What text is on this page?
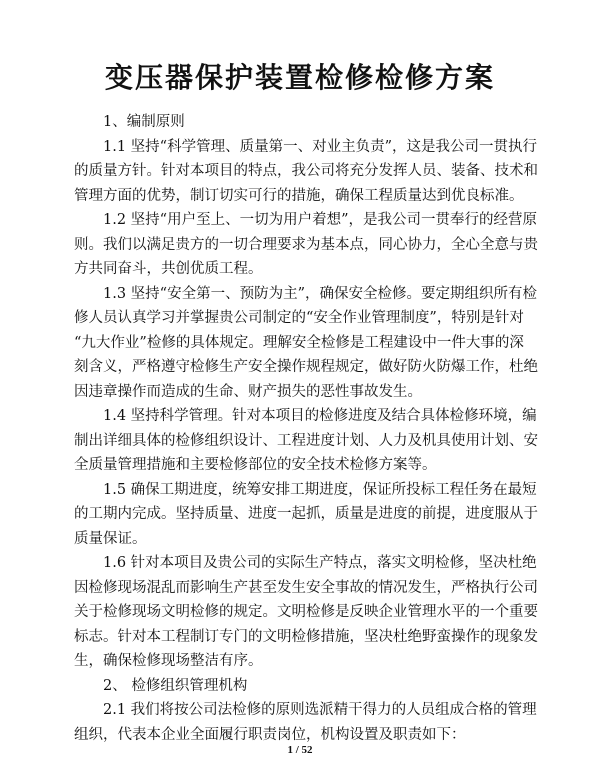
变压器保护装置检修检修方案
1、编制原则
1.1 坚持“科学管理、质量第一、对业主负责”，这是我公司一贯执行
的质量方针。针对本项目的特点，我公司将充分发挥人员、装备、技术和
管理方面的优势，制订切实可行的措施，确保工程质量达到优良标准。
1.2 坚持“用户至上、一切为用户着想”，是我公司一贯奉行的经营原
则。我们以满足贵方的一切合理要求为基本点，同心协力，全心全意与贵
方共同奋斗，共创优质工程。
1.3 坚持“安全第一、预防为主”，确保安全检修。要定期组织所有检
修人员认真学习并掌握贵公司制定的“安全作业管理制度”，特别是针对
“九大作业”检修的具体规定。理解安全检修是工程建设中一件大事的深
刻含义，严格遵守检修生产安全操作规程规定，做好防火防爆工作，杜绝
因违章操作而造成的生命、财产损失的恶性事故发生。
1.4 坚持科学管理。针对本项目的检修进度及结合具体检修环境，编
制出详细具体的检修组织设计、工程进度计划、人力及机具使用计划、安
全质量管理措施和主要检修部位的安全技术检修方案等。
1.5 确保工期进度，统筹安排工期进度，保证所投标工程任务在最短
的工期内完成。坚持质量、进度一起抓，质量是进度的前提，进度服从于
质量保证。
1.6 针对本项目及贵公司的实际生产特点，落实文明检修，坚决杜绝
因检修现场混乱而影响生产甚至发生安全事故的情况发生，严格执行公司
关于检修现场文明检修的规定。文明检修是反映企业管理水平的一个重要
标志。针对本工程制订专门的文明检修措施，坚决杜绝野蛮操作的现象发
生，确保检修现场整洁有序。
2、 检修组织管理机构
2.1 我们将按公司法检修的原则选派精干得力的人员组成合格的管理
组织，代表本企业全面履行职责岗位，机构设置及职责如下：
1 / 52
